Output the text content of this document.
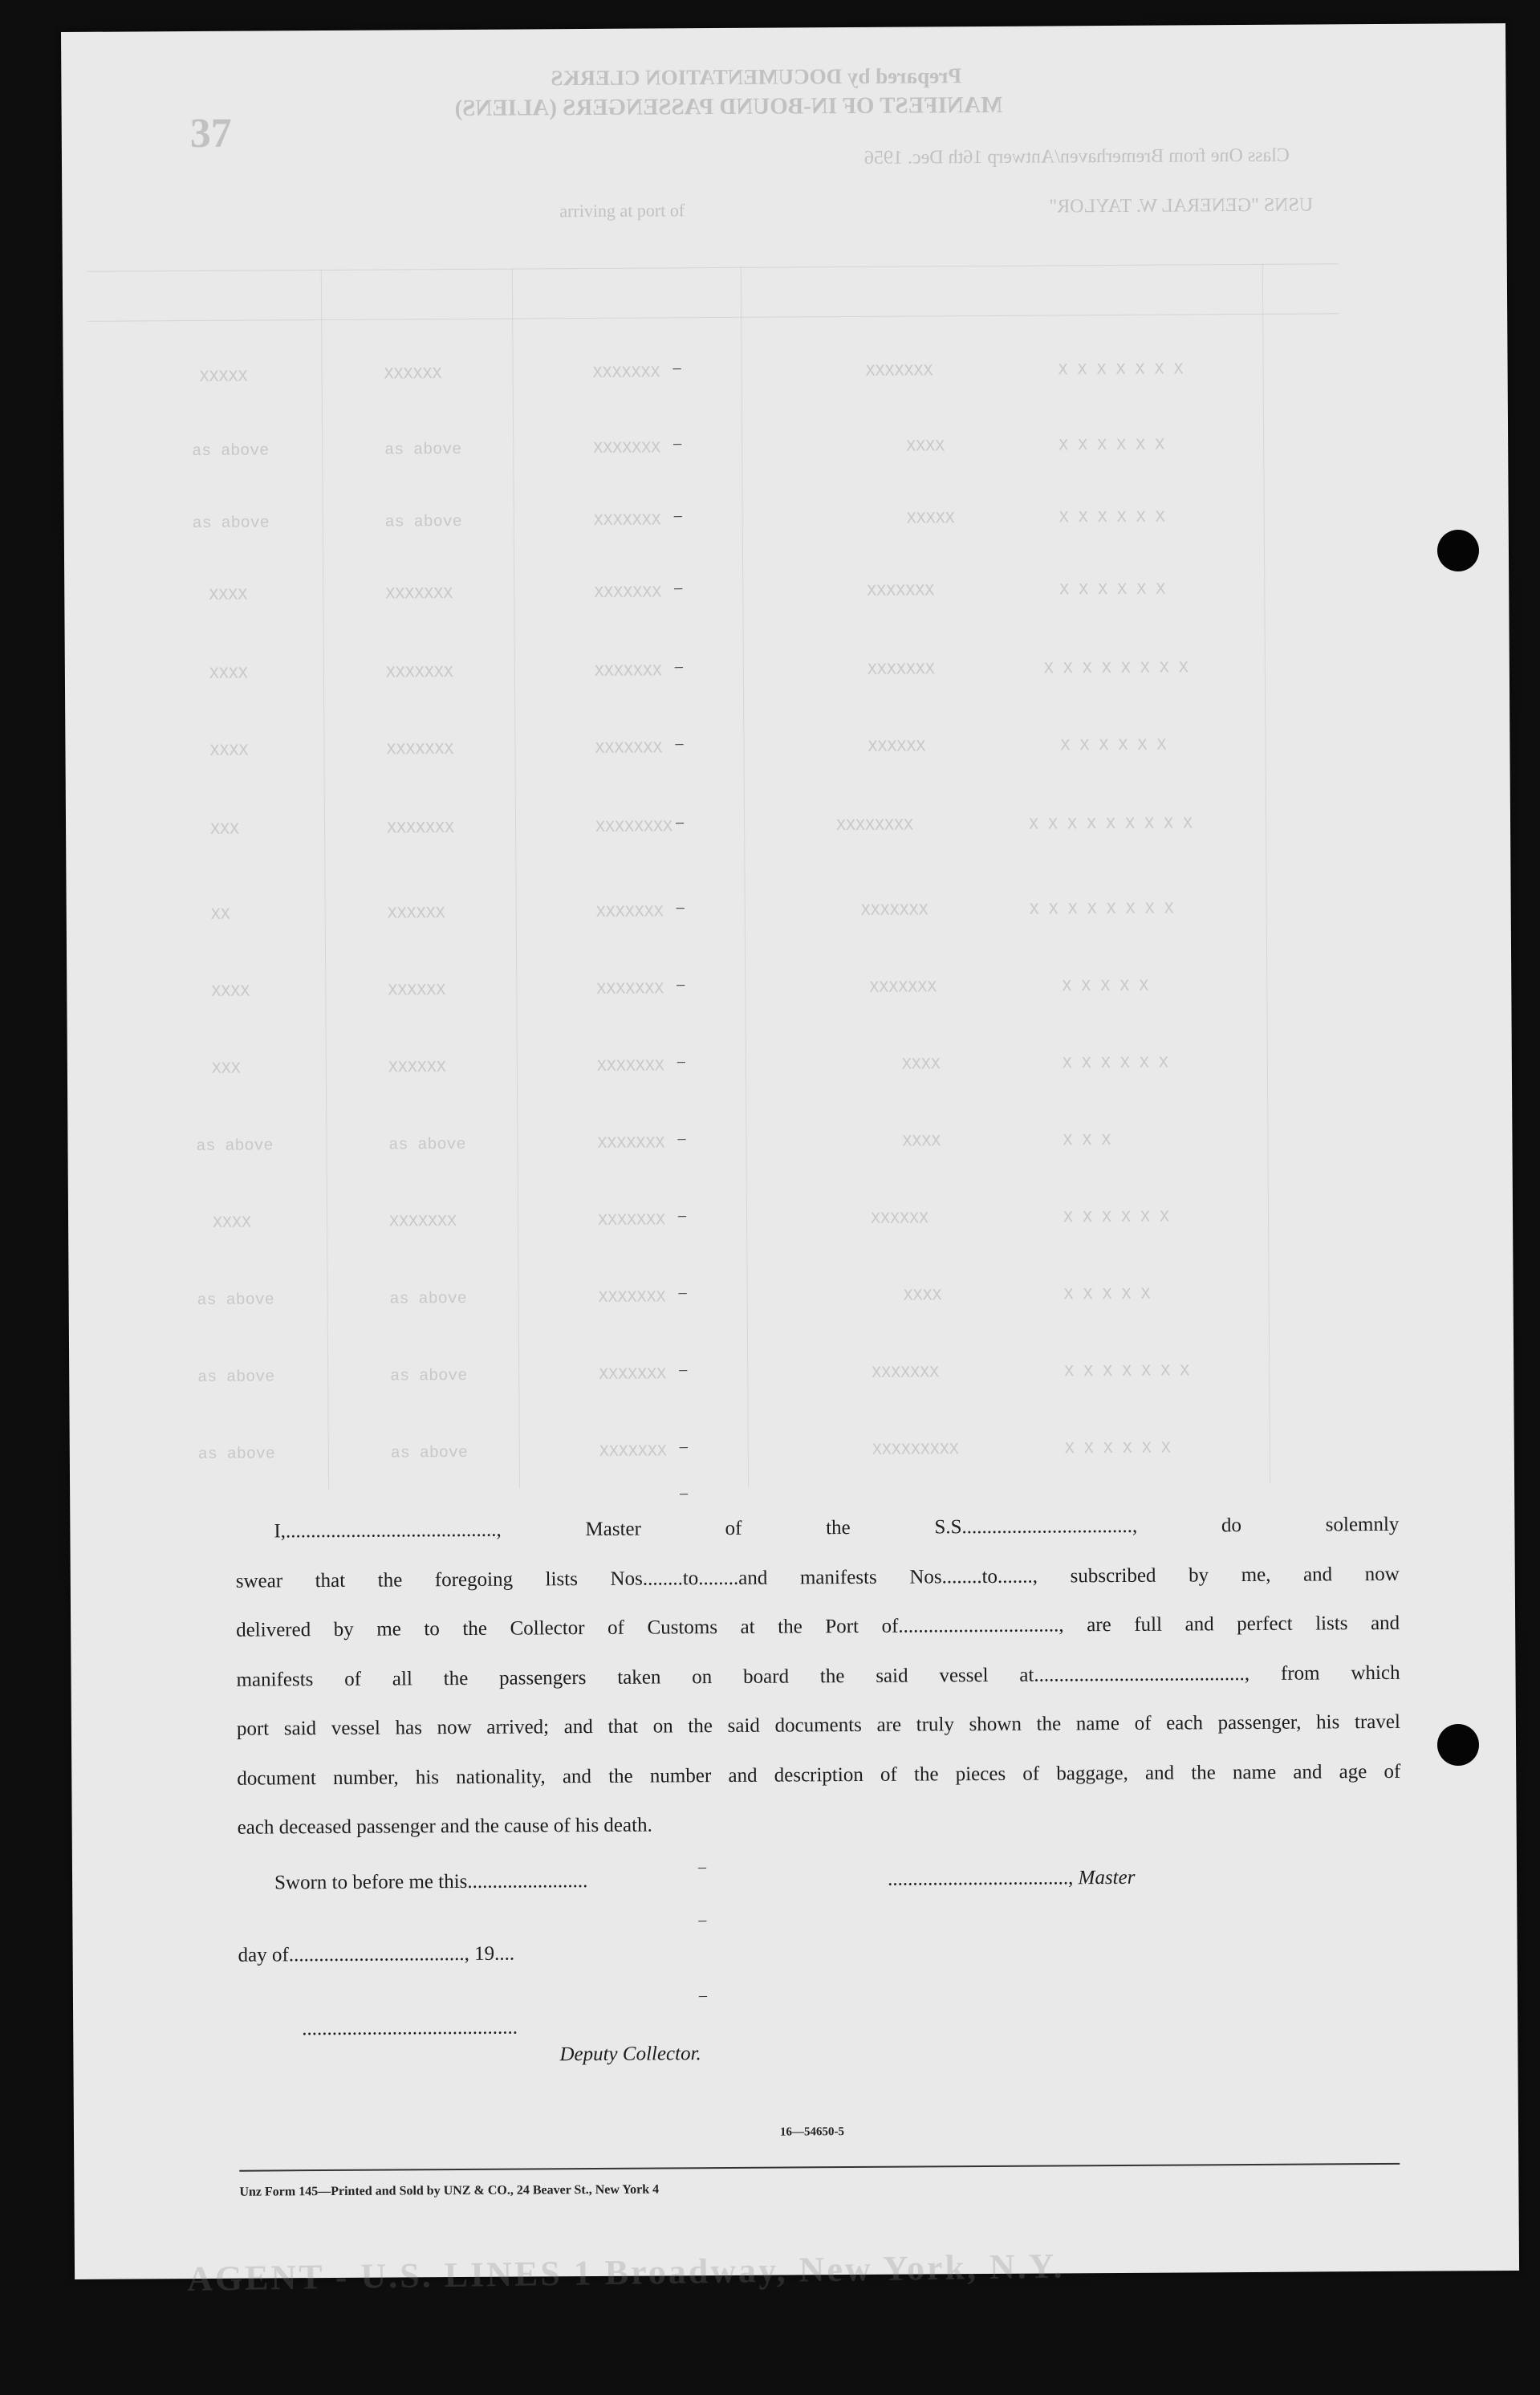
Prepared by DOCUMENTATION CLERKS
MANIFEST OF IN-BOUND PASSENGERS (ALIENS)
37
Class One from Bremerhaven/Antwerp 16th Dec. 1956
USNS "GENERAL W. TAYLOR"
arriving at port of
XXXXX	XXXXXX	XXXXXXX	XXXXXXX	X X X X X X X
as above	as above	XXXXXXX	XXXX	X X X X X X
as above	as above	XXXXXXX	XXXXX	X X X X X X
XXXX	XXXXXXX	XXXXXXX	XXXXXXX	X X X X X X
XXXX	XXXXXXX	XXXXXXX	XXXXXXX	X X X X X X X X
XXXX	XXXXXXX	XXXXXXX	XXXXXX	X X X X X X
XXX	XXXXXXX	XXXXXXXX	XXXXXXXX	X X X X X X X X X
XX	XXXXXX	XXXXXXX	XXXXXXX	X X X X X X X X
XXXX	XXXXXX	XXXXXXX	XXXXXXX	X X X X X
XXX	XXXXXX	XXXXXXX	XXXX	X X X X X X
as above	as above	XXXXXXX	XXXX	X X X
XXXX	XXXXXXX	XXXXXXX	XXXXXX	X X X X X X
as above	as above	XXXXXXX	XXXX	X X X X X
as above	as above	XXXXXXX	XXXXXXX	X X X X X X X
as above	as above	XXXXXXX	XXXXXXXXX	X X X X X X
–
–
–
–
–
–
–
–
–
–
–
–
–
–
–
–
–
–
–

I,.........................................., Master of the S.S.................................., do solemnly

swear that the foregoing lists Nos........to........and manifests Nos........to......., subscribed by me, and now

delivered by me to the Collector of Customs at the Port of................................, are full and perfect lists and

manifests of all the passengers taken on board the said vessel at.........................................., from which

port said vessel has now arrived; and that on the said documents are truly shown the name of each passenger, his travel

document number, his nationality, and the number and description of the pieces of baggage, and the name and age of

each deceased passenger and the cause of his death.

Sworn to before me this........................	...................................., Master
day of..................................., 19....
...........................................
Deputy Collector.
16—54650-5
Unz Form 145—Printed and Sold by UNZ & CO., 24 Beaver St., New York 4
AGENT - U.S. LINES 1 Broadway, New York, N.Y.
